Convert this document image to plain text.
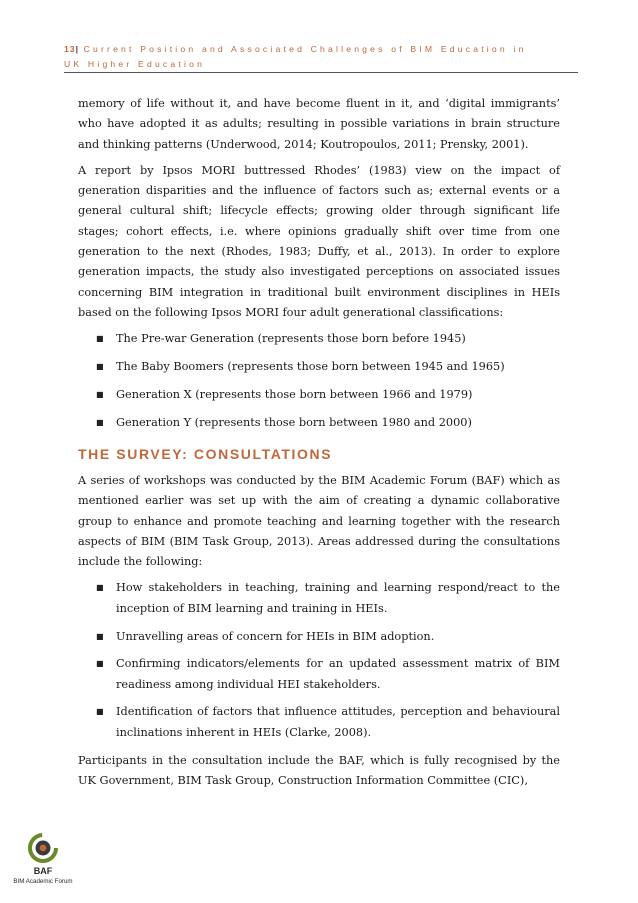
13| Current Position and Associated Challenges of BIM Education in
UK Higher Education

memory of life without it, and have become fluent in it, and ‘digital immigrants’ who have adopted it as adults; resulting in possible variations in brain structure and thinking patterns (Underwood, 2014; Koutropoulos, 2011; Prensky, 2001).

A report by Ipsos MORI buttressed Rhodes’ (1983) view on the impact of generation disparities and the influence of factors such as; external events or a general cultural shift; lifecycle effects; growing older through significant life stages; cohort effects, i.e. where opinions gradually shift over time from one generation to the next (Rhodes, 1983; Duffy, et al., 2013). In order to explore generation impacts, the study also investigated perceptions on associated issues concerning BIM integration in traditional built environment disciplines in HEIs based on the following Ipsos MORI four adult generational classifications:

■ The Pre-war Generation (represents those born before 1945)
■ The Baby Boomers (represents those born between 1945 and 1965)
■ Generation X (represents those born between 1966 and 1979)
■ Generation Y (represents those born between 1980 and 2000)
THE SURVEY: CONSULTATIONS

A series of workshops was conducted by the BIM Academic Forum (BAF) which as mentioned earlier was set up with the aim of creating a dynamic collaborative group to enhance and promote teaching and learning together with the research aspects of BIM (BIM Task Group, 2013). Areas addressed during the consultations include the following:

■ How stakeholders in teaching, training and learning respond/react to the inception of BIM learning and training in HEIs.
■ Unravelling areas of concern for HEIs in BIM adoption.
■ Confirming indicators/elements for an updated assessment matrix of BIM readiness among individual HEI stakeholders.
■ Identification of factors that influence attitudes, perception and behavioural inclinations inherent in HEIs (Clarke, 2008).

Participants in the consultation include the BAF, which is fully recognised by the UK Government, BIM Task Group, Construction Information Committee (CIC),

BAF
BIM Academic Forum
